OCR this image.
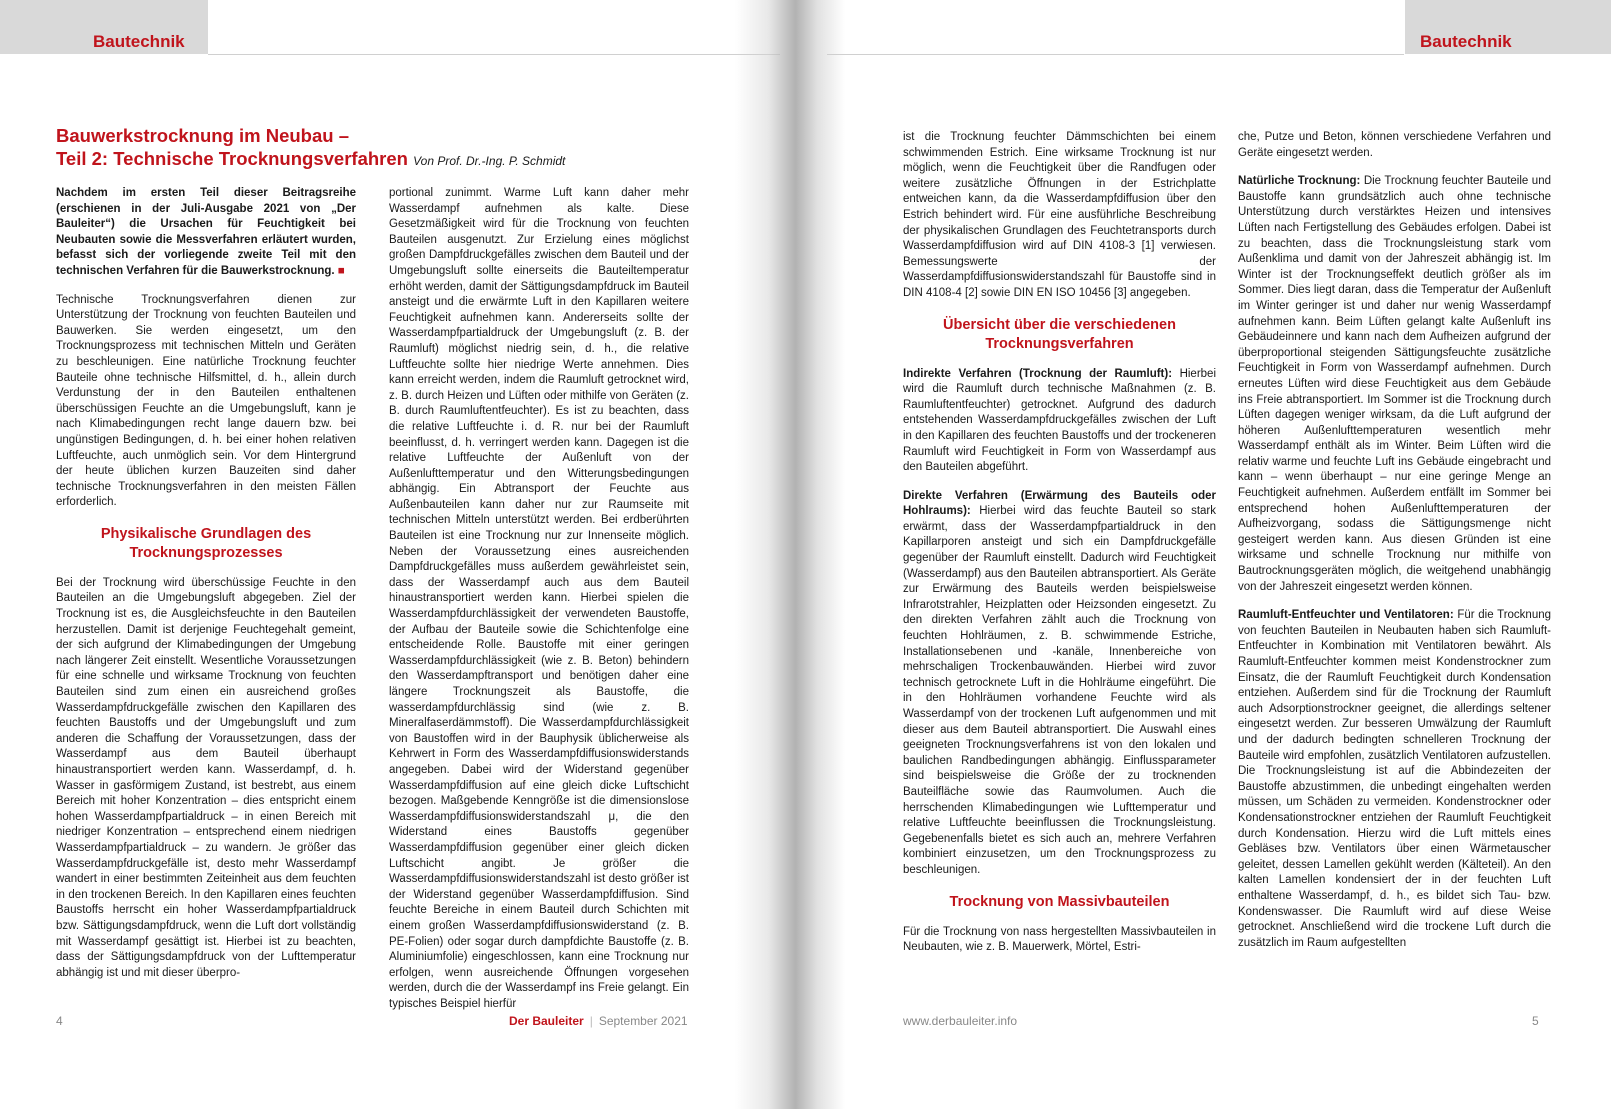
Bautechnik
Bauwerkstrocknung im Neubau –
Teil 2: Technische Trocknungsverfahren Von Prof. Dr.-Ing. P. Schmidt

Nachdem im ersten Teil dieser Beitragsreihe (erschienen in der Juli-Ausgabe 2021 von „Der Bauleiter“) die Ursachen für Feuchtigkeit bei Neubauten sowie die Messverfahren erläutert wurden, befasst sich der vorliegende zweite Teil mit den technischen Verfahren für die Bauwerkstrocknung. ■

Technische Trocknungsverfahren dienen zur Unterstützung der Trocknung von feuchten Bauteilen und Bauwerken. Sie werden eingesetzt, um den Trocknungsprozess mit technischen Mitteln und Geräten zu beschleunigen. Eine natürliche Trocknung feuchter Bauteile ohne technische Hilfsmittel, d. h., allein durch Verdunstung der in den Bauteilen enthaltenen überschüssigen Feuchte an die Umgebungsluft, kann je nach Klimabedingungen recht lange dauern bzw. bei ungünstigen Bedingungen, d. h. bei einer hohen relativen Luftfeuchte, auch unmöglich sein. Vor dem Hintergrund der heute üblichen kurzen Bauzeiten sind daher technische Trocknungsverfahren in den meisten Fällen erforderlich.

Physikalische Grundlagen des Trocknungsprozesses

Bei der Trocknung wird überschüssige Feuchte in den Bauteilen an die Umgebungsluft abgegeben. Ziel der Trocknung ist es, die Ausgleichsfeuchte in den Bauteilen herzustellen. Damit ist derjenige Feuchtegehalt gemeint, der sich aufgrund der Klimabedingungen der Umgebung nach längerer Zeit einstellt. Wesentliche Voraussetzungen für eine schnelle und wirksame Trocknung von feuchten Bauteilen sind zum einen ein ausreichend großes Wasserdampfdruckgefälle zwischen den Kapillaren des feuchten Baustoffs und der Umgebungsluft und zum anderen die Schaffung der Voraussetzungen, dass der Wasserdampf aus dem Bauteil überhaupt hinaustransportiert werden kann. Wasserdampf, d. h. Wasser in gasförmigem Zustand, ist bestrebt, aus einem Bereich mit hoher Konzentration – dies entspricht einem hohen Wasserdampfpartialdruck – in einen Bereich mit niedriger Konzentration – entsprechend einem niedrigen Wasserdampfpartialdruck – zu wandern. Je größer das Wasserdampfdruckgefälle ist, desto mehr Wasserdampf wandert in einer bestimmten Zeiteinheit aus dem feuchten in den trockenen Bereich. In den Kapillaren eines feuchten Baustoffs herrscht ein hoher Wasserdampfpartialdruck bzw. Sättigungsdampfdruck, wenn die Luft dort vollständig mit Wasserdampf gesättigt ist. Hierbei ist zu beachten, dass der Sättigungsdampfdruck von der Lufttemperatur abhängig ist und mit dieser überpro-

portional zunimmt. Warme Luft kann daher mehr Wasserdampf aufnehmen als kalte. Diese Gesetzmäßigkeit wird für die Trocknung von feuchten Bauteilen ausgenutzt. Zur Erzielung eines möglichst großen Dampfdruckgefälles zwischen dem Bauteil und der Umgebungsluft sollte einerseits die Bauteiltemperatur erhöht werden, damit der Sättigungsdampfdruck im Bauteil ansteigt und die erwärmte Luft in den Kapillaren weitere Feuchtigkeit aufnehmen kann. Andererseits sollte der Wasserdampfpartialdruck der Umgebungsluft (z. B. der Raumluft) möglichst niedrig sein, d. h., die relative Luftfeuchte sollte hier niedrige Werte annehmen. Dies kann erreicht werden, indem die Raumluft getrocknet wird, z. B. durch Heizen und Lüften oder mithilfe von Geräten (z. B. durch Raumluftentfeuchter). Es ist zu beachten, dass die relative Luftfeuchte i. d. R. nur bei der Raumluft beeinflusst, d. h. verringert werden kann. Dagegen ist die relative Luftfeuchte der Außenluft von der Außenlufttemperatur und den Witterungsbedingungen abhängig. Ein Abtransport der Feuchte aus Außenbauteilen kann daher nur zur Raumseite mit technischen Mitteln unterstützt werden. Bei erdberührten Bauteilen ist eine Trocknung nur zur Innenseite möglich. Neben der Voraussetzung eines ausreichenden Dampfdruckgefälles muss außerdem gewährleistet sein, dass der Wasserdampf auch aus dem Bauteil hinaustransportiert werden kann. Hierbei spielen die Wasserdampfdurchlässigkeit der verwendeten Baustoffe, der Aufbau der Bauteile sowie die Schichtenfolge eine entscheidende Rolle. Baustoffe mit einer geringen Wasserdampfdurchlässigkeit (wie z. B. Beton) behindern den Wasserdampftransport und benötigen daher eine längere Trocknungszeit als Baustoffe, die wasserdampfdurchlässig sind (wie z. B. Mineralfaserdämmstoff). Die Wasserdampfdurchlässigkeit von Baustoffen wird in der Bauphysik üblicherweise als Kehrwert in Form des Wasserdampfdiffusionswiderstands angegeben. Dabei wird der Widerstand gegenüber Wasserdampfdiffusion auf eine gleich dicke Luftschicht bezogen. Maßgebende Kenngröße ist die dimensionslose Wasserdampfdiffusionswiderstandszahl μ, die den Widerstand eines Baustoffs gegenüber Wasserdampfdiffusion gegenüber einer gleich dicken Luftschicht angibt. Je größer die Wasserdampfdiffusionswiderstandszahl ist desto größer ist der Widerstand gegenüber Wasserdampfdiffusion. Sind feuchte Bereiche in einem Bauteil durch Schichten mit einem großen Wasserdampfdiffusionswiderstand (z. B. PE-Folien) oder sogar durch dampfdichte Baustoffe (z. B. Aluminiumfolie) eingeschlossen, kann eine Trocknung nur erfolgen, wenn ausreichende Öffnungen vorgesehen werden, durch die der Wasserdampf ins Freie gelangt. Ein typisches Beispiel hierfür

4	Der Bauleiter | September 2021
Bautechnik

ist die Trocknung feuchter Dämmschichten bei einem schwimmenden Estrich. Eine wirksame Trocknung ist nur möglich, wenn die Feuchtigkeit über die Randfugen oder weitere zusätzliche Öffnungen in der Estrichplatte entweichen kann, da die Wasserdampfdiffusion über den Estrich behindert wird. Für eine ausführliche Beschreibung der physikalischen Grundlagen des Feuchtetransports durch Wasserdampfdiffusion wird auf DIN 4108-3 [1] verwiesen. Bemessungswerte der Wasserdampfdiffusionswiderstandszahl für Baustoffe sind in DIN 4108-4 [2] sowie DIN EN ISO 10456 [3] angegeben.

Übersicht über die verschiedenen Trocknungsverfahren

Indirekte Verfahren (Trocknung der Raumluft): Hierbei wird die Raumluft durch technische Maßnahmen (z. B. Raumluftentfeuchter) getrocknet. Aufgrund des dadurch entstehenden Wasserdampfdruckgefälles zwischen der Luft in den Kapillaren des feuchten Baustoffs und der trockeneren Raumluft wird Feuchtigkeit in Form von Wasserdampf aus den Bauteilen abgeführt.

Direkte Verfahren (Erwärmung des Bauteils oder Hohlraums): Hierbei wird das feuchte Bauteil so stark erwärmt, dass der Wasserdampfpartialdruck in den Kapillarporen ansteigt und sich ein Dampfdruckgefälle gegenüber der Raumluft einstellt. Dadurch wird Feuchtigkeit (Wasserdampf) aus den Bauteilen abtransportiert. Als Geräte zur Erwärmung des Bauteils werden beispielsweise Infrarotstrahler, Heizplatten oder Heizsonden eingesetzt. Zu den direkten Verfahren zählt auch die Trocknung von feuchten Hohlräumen, z. B. schwimmende Estriche, Installationsebenen und -kanäle, Innenbereiche von mehrschaligen Trockenbauwänden. Hierbei wird zuvor technisch getrocknete Luft in die Hohlräume eingeführt. Die in den Hohlräumen vorhandene Feuchte wird als Wasserdampf von der trockenen Luft aufgenommen und mit dieser aus dem Bauteil abtransportiert. Die Auswahl eines geeigneten Trocknungsverfahrens ist von den lokalen und baulichen Randbedingungen abhängig. Einflussparameter sind beispielsweise die Größe der zu trocknenden Bauteilfläche sowie das Raumvolumen. Auch die herrschenden Klimabedingungen wie Lufttemperatur und relative Luftfeuchte beeinflussen die Trocknungsleistung. Gegebenenfalls bietet es sich auch an, mehrere Verfahren kombiniert einzusetzen, um den Trocknungsprozess zu beschleunigen.

Trocknung von Massivbauteilen

Für die Trocknung von nass hergestellten Massivbauteilen in Neubauten, wie z. B. Mauerwerk, Mörtel, Estri-

che, Putze und Beton, können verschiedene Verfahren und Geräte eingesetzt werden.

Natürliche Trocknung: Die Trocknung feuchter Bauteile und Baustoffe kann grundsätzlich auch ohne technische Unterstützung durch verstärktes Heizen und intensives Lüften nach Fertigstellung des Gebäudes erfolgen. Dabei ist zu beachten, dass die Trocknungsleistung stark vom Außenklima und damit von der Jahreszeit abhängig ist. Im Winter ist der Trocknungseffekt deutlich größer als im Sommer. Dies liegt daran, dass die Temperatur der Außenluft im Winter geringer ist und daher nur wenig Wasserdampf aufnehmen kann. Beim Lüften gelangt kalte Außenluft ins Gebäudeinnere und kann nach dem Aufheizen aufgrund der überproportional steigenden Sättigungsfeuchte zusätzliche Feuchtigkeit in Form von Wasserdampf aufnehmen. Durch erneutes Lüften wird diese Feuchtigkeit aus dem Gebäude ins Freie abtransportiert. Im Sommer ist die Trocknung durch Lüften dagegen weniger wirksam, da die Luft aufgrund der höheren Außenlufttemperaturen wesentlich mehr Wasserdampf enthält als im Winter. Beim Lüften wird die relativ warme und feuchte Luft ins Gebäude eingebracht und kann – wenn überhaupt – nur eine geringe Menge an Feuchtigkeit aufnehmen. Außerdem entfällt im Sommer bei entsprechend hohen Außenlufttemperaturen der Aufheizvorgang, sodass die Sättigungsmenge nicht gesteigert werden kann. Aus diesen Gründen ist eine wirksame und schnelle Trocknung nur mithilfe von Bautrocknungsgeräten möglich, die weitgehend unabhängig von der Jahreszeit eingesetzt werden können.

Raumluft-Entfeuchter und Ventilatoren: Für die Trocknung von feuchten Bauteilen in Neubauten haben sich Raumluft-Entfeuchter in Kombination mit Ventilatoren bewährt. Als Raumluft-Entfeuchter kommen meist Kondenstrockner zum Einsatz, die der Raumluft Feuchtigkeit durch Kondensation entziehen. Außerdem sind für die Trocknung der Raumluft auch Adsorptionstrockner geeignet, die allerdings seltener eingesetzt werden. Zur besseren Umwälzung der Raumluft und der dadurch bedingten schnelleren Trocknung der Bauteile wird empfohlen, zusätzlich Ventilatoren aufzustellen. Die Trocknungsleistung ist auf die Abbindezeiten der Baustoffe abzustimmen, die unbedingt eingehalten werden müssen, um Schäden zu vermeiden. Kondenstrockner oder Kondensationstrockner entziehen der Raumluft Feuchtigkeit durch Kondensation. Hierzu wird die Luft mittels eines Gebläses bzw. Ventilators über einen Wärmetauscher geleitet, dessen Lamellen gekühlt werden (Kälteteil). An den kalten Lamellen kondensiert der in der feuchten Luft enthaltene Wasserdampf, d. h., es bildet sich Tau- bzw. Kondenswasser. Die Raumluft wird auf diese Weise getrocknet. Anschließend wird die trockene Luft durch die zusätzlich im Raum aufgestellten

www.derbauleiter.info	5
